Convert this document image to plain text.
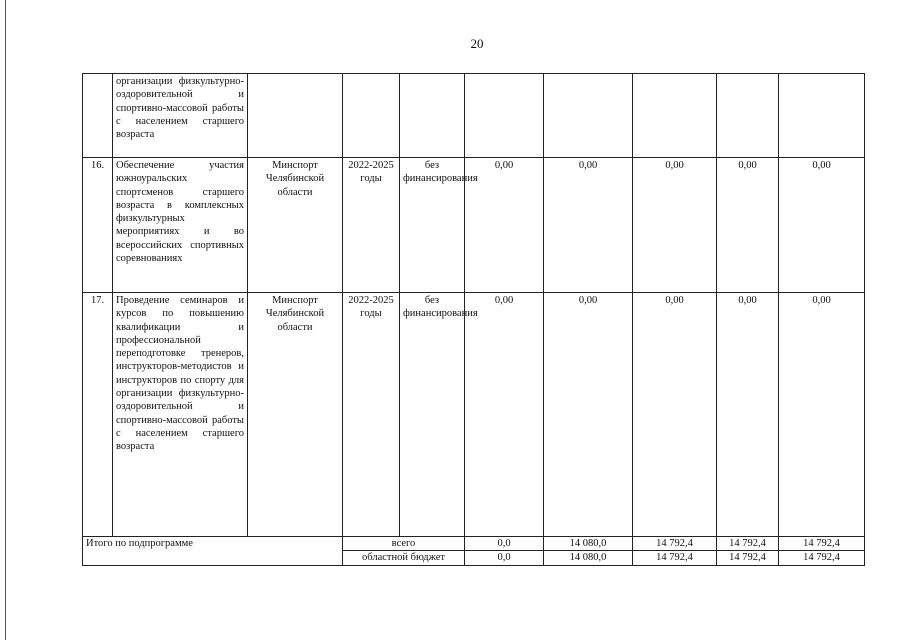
20
	организации физкультурно-оздоровительной и спортивно-массовой работы с населением старшего возраста								
16.	Обеспечение участия южноуральских спортсменов старшего возраста в комплексных физкультурных мероприятиях и во всероссийских спортивных соревнованиях	Минспорт Челябинской области	2022-2025 годы	без финансирования	0,00	0,00	0,00	0,00	0,00
17.	Проведение семинаров и курсов по повышению квалификации и профессиональной переподготовке тренеров, инструкторов-методистов и инструкторов по спорту для организации физкультурно-оздоровительной и спортивно-массовой работы с населением старшего возраста	Минспорт Челябинской области	2022-2025 годы	без финансирования	0,00	0,00	0,00	0,00	0,00
Итого по подпрограмме			всего		0,0	14 080,0	14 792,4	14 792,4	14 792,4
			областной бюджет		0,0	14 080,0	14 792,4	14 792,4	14 792,4
